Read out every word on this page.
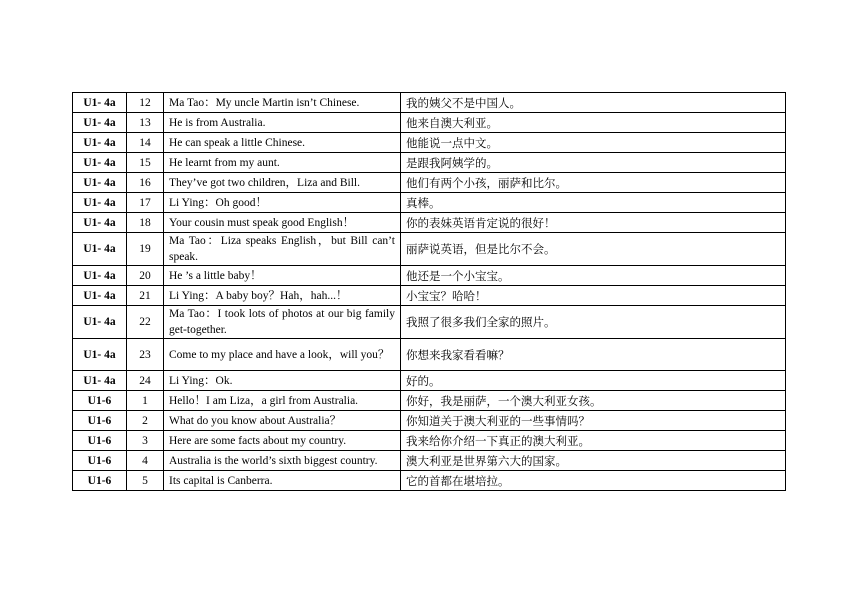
U1- 4a	12	Ma Tao：My uncle Martin isn’t Chinese.	我的姨父不是中国人。
U1- 4a	13	He is from Australia.	他来自澳大利亚。
U1- 4a	14	He can speak a little Chinese.	他能说一点中文。
U1- 4a	15	He learnt from my aunt.	是跟我阿姨学的。
U1- 4a	16	They’ve got two children，Liza and Bill.	他们有两个小孩，丽萨和比尔。
U1- 4a	17	Li Ying：Oh good！	真棒。
U1- 4a	18	Your cousin must speak good English！	你的表妹英语肯定说的很好！
U1- 4a	19	Ma Tao：Liza speaks English，but Bill can’t speak.	丽萨说英语，但是比尔不会。
U1- 4a	20	He ’s a little baby！	他还是一个小宝宝。
U1- 4a	21	Li Ying：A baby boy？Hah，hah...！	小宝宝？哈哈！
U1- 4a	22	Ma Tao：I took lots of photos at our big family get-together.	我照了很多我们全家的照片。
U1- 4a	23	Come to my place and have a look，will you？	你想来我家看看嘛？
U1- 4a	24	Li Ying：Ok.	好的。
U1-6	1	Hello！I am Liza，a girl from Australia.	你好，我是丽萨，一个澳大利亚女孩。
U1-6	2	What do you know about Australia？	你知道关于澳大利亚的一些事情吗？
U1-6	3	Here are some facts about my country.	我来给你介绍一下真正的澳大利亚。
U1-6	4	Australia is the world’s sixth biggest country.	澳大利亚是世界第六大的国家。
U1-6	5	Its capital is Canberra.	它的首都在堪培拉。
